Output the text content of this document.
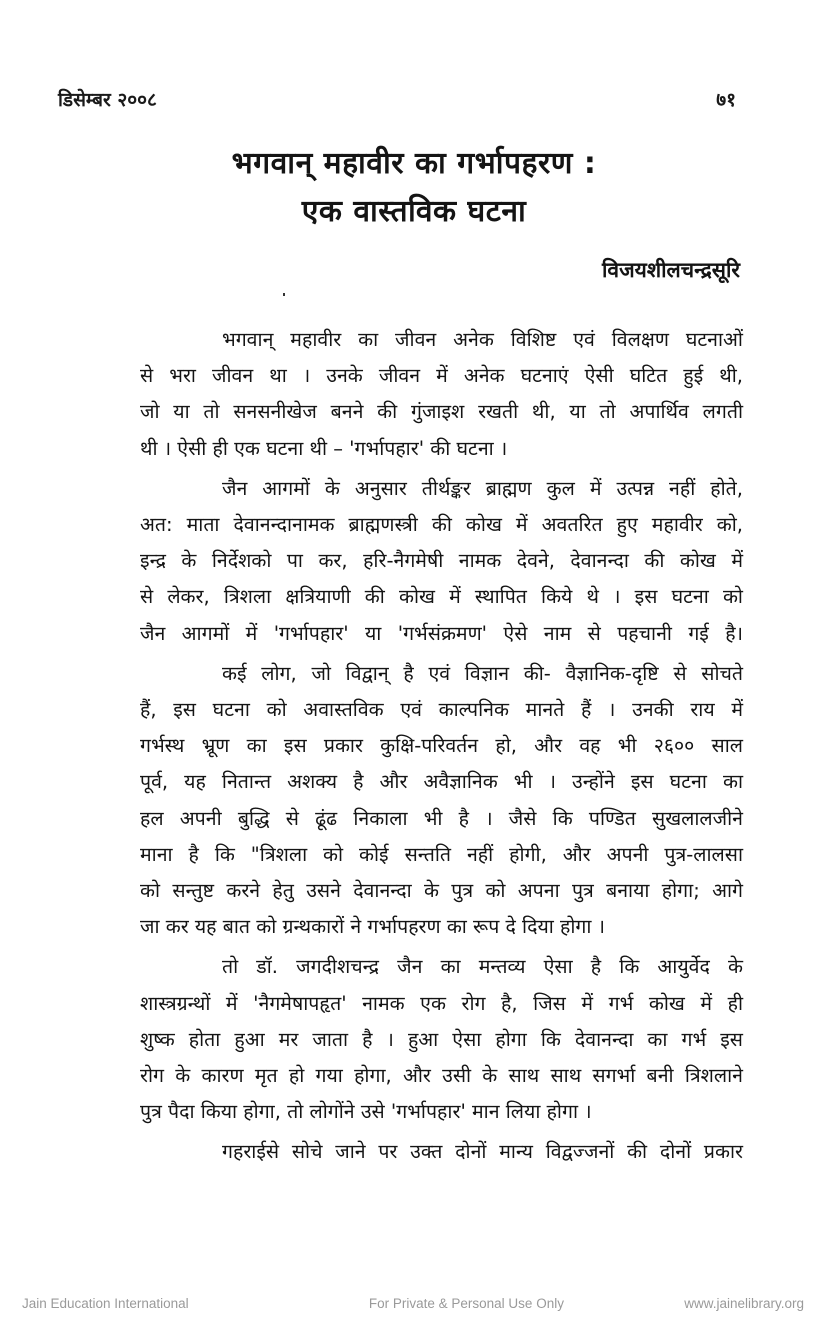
डिसेम्बर २००८	७१
भगवान् महावीर का गर्भापहरण :
एक वास्तविक घटना
विजयशीलचन्द्रसूरि
भगवान् महावीर का जीवन अनेक विशिष्ट एवं विलक्षण घटनाओं
से भरा जीवन था । उनके जीवन में अनेक घटनाएं ऐसी घटित हुई थी,
जो या तो सनसनीखेज बनने की गुंजाइश रखती थी, या तो अपार्थिव लगती
थी । ऐसी ही एक घटना थी – 'गर्भापहार' की घटना ।
जैन आगमों के अनुसार तीर्थङ्कर ब्राह्मण कुल में उत्पन्न नहीं होते,
अत: माता देवानन्दानामक ब्राह्मणस्त्री की कोख में अवतरित हुए महावीर को,
इन्द्र के निर्देशको पा कर, हरि-नैगमेषी नामक देवने, देवानन्दा की कोख में
से लेकर, त्रिशला क्षत्रियाणी की कोख में स्थापित किये थे । इस घटना को
जैन आगमों में 'गर्भापहार' या 'गर्भसंक्रमण' ऐसे नाम से पहचानी गई है।
कई लोग, जो विद्वान् है एवं विज्ञान की- वैज्ञानिक-दृष्टि से सोचते
हैं, इस घटना को अवास्तविक एवं काल्पनिक मानते हैं । उनकी राय में
गर्भस्थ भ्रूण का इस प्रकार कुक्षि-परिवर्तन हो, और वह भी २६०० साल
पूर्व, यह नितान्त अशक्य है और अवैज्ञानिक भी । उन्होंने इस घटना का
हल अपनी बुद्धि से ढूंढ निकाला भी है । जैसे कि पण्डित सुखलालजीने
माना है कि "त्रिशला को कोई सन्तति नहीं होगी, और अपनी पुत्र-लालसा
को सन्तुष्ट करने हेतु उसने देवानन्दा के पुत्र को अपना पुत्र बनाया होगा; आगे
जा कर यह बात को ग्रन्थकारों ने गर्भापहरण का रूप दे दिया होगा ।
तो डॉ. जगदीशचन्द्र जैन का मन्तव्य ऐसा है कि आयुर्वेद के
शास्त्रग्रन्थों में 'नैगमेषापहृत' नामक एक रोग है, जिस में गर्भ कोख में ही
शुष्क होता हुआ मर जाता है । हुआ ऐसा होगा कि देवानन्दा का गर्भ इस
रोग के कारण मृत हो गया होगा, और उसी के साथ साथ सगर्भा बनी त्रिशलाने
पुत्र पैदा किया होगा, तो लोगोंने उसे 'गर्भापहार' मान लिया होगा ।
गहराईसे सोचे जाने पर उक्त दोनों मान्य विद्वज्जनों की दोनों प्रकार
Jain Education International	For Private & Personal Use Only	www.jainelibrary.org
